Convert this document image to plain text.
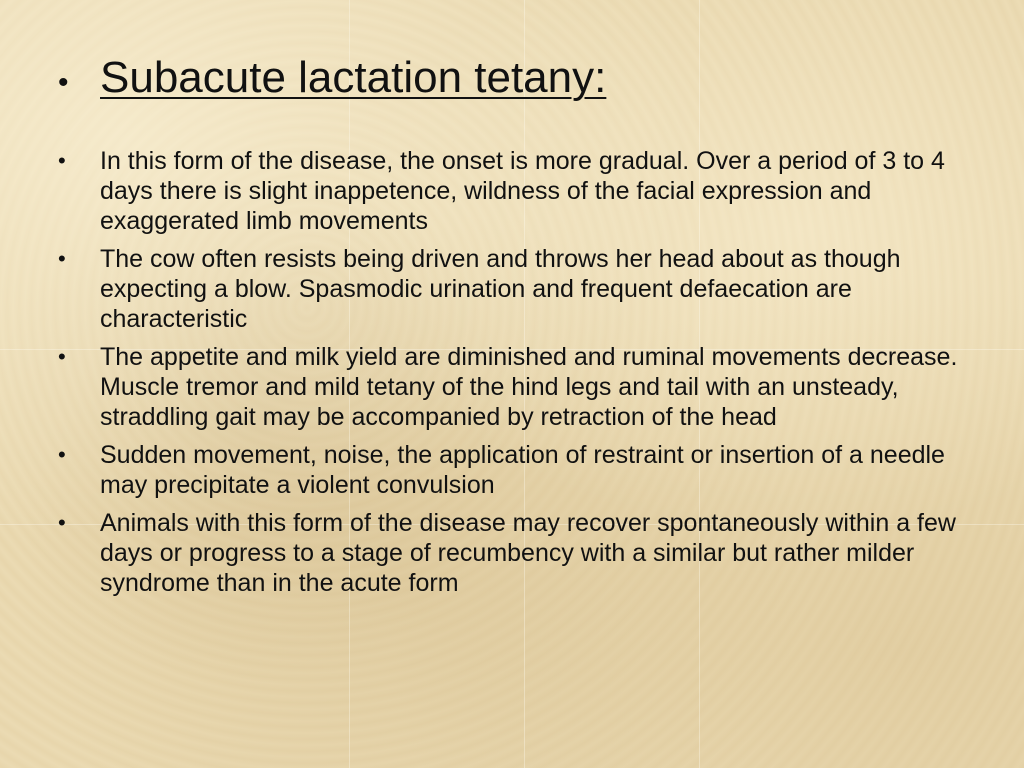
• Subacute lactation tetany:
•	In this form of the disease, the onset is more gradual. Over a period of 3 to 4 days there is slight inappetence, wildness of the facial expression and exaggerated limb movements
•	The cow often resists being driven and throws her head about as though expecting a blow. Spasmodic urination and frequent defaecation are characteristic
•	The appetite and milk yield are diminished and ruminal movements decrease. Muscle tremor and mild tetany of the hind legs and tail with an unsteady, straddling gait may be accompanied by retraction of the head
•	Sudden movement, noise, the application of restraint or insertion of a needle may precipitate a violent convulsion
•	Animals with this form of the disease may recover spontaneously within a few days or progress to a stage of recumbency with a similar but rather milder syndrome than in the acute form
